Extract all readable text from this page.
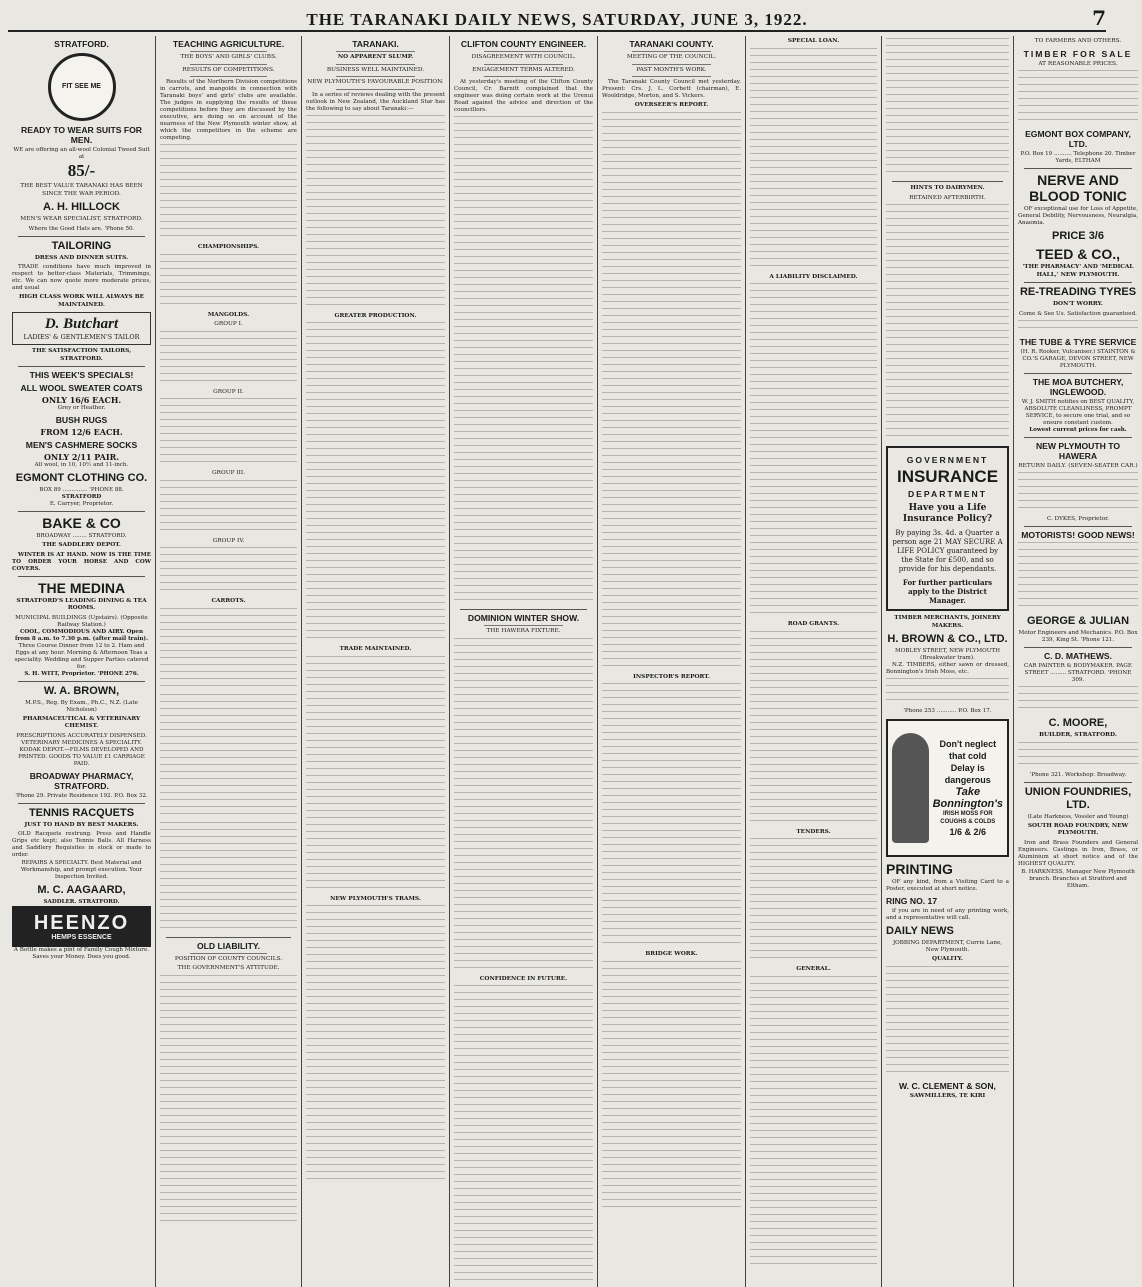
THE TARANAKI DAILY NEWS, SATURDAY, JUNE 3, 1922.	7
STRATFORD.
FIT SEE ME
READY TO WEAR SUITS FOR MEN.
WE are offering an all-wool Colonial Tweed Suit at
85/-
THE BEST VALUE TARANAKI HAS BEEN SINCE THE WAR PERIOD.
A. H. HILLOCK
MEN'S WEAR SPECIALIST, STRATFORD.
Where the Good Hats are. 'Phone 50.
TAILORING
DRESS AND DINNER SUITS.
TRADE conditions have much improved in respect to better-class Materials, Trimmings, etc. We can now quote more moderate prices, and usual
HIGH CLASS WORK WILL ALWAYS BE MAINTAINED.
D. Butchart
LADIES' & GENTLEMEN'S TAILOR
THE SATISFACTION TAILORS, STRATFORD.
THIS WEEK'S SPECIALS!
ALL WOOL SWEATER COATS
ONLY 16/6 EACH.
Grey or Heather.
BUSH RUGS
FROM 12/6 EACH.
MEN'S CASHMERE SOCKS
ONLY 2/11 PAIR.
All wool, in 10, 10½ and 11-inch.
EGMONT CLOTHING CO.
BOX 89 .............. 'PHONE 88.
STRATFORD
E. Carryer, Proprietor.
BAKE & CO
BROADWAY ........ STRATFORD.
THE SADDLERY DEPOT.
WINTER IS AT HAND. NOW IS THE TIME TO ORDER YOUR HORSE AND COW COVERS.
THE MEDINA
STRATFORD'S LEADING DINING & TEA ROOMS.
MUNICIPAL BUILDINGS (Upstairs). (Opposite Railway Station.)
COOL, COMMODIOUS AND AIRY. Open from 8 a.m. to 7.30 p.m. (after mail train).
Three Course Dinner from 12 to 2. Ham and Eggs at any hour. Morning & Afternoon Teas a speciality. Wedding and Supper Parties catered for.
S. H. WITT, Proprietor. 'PHONE 276.
W. A. BROWN,
M.P.S., Reg. By Exam., Ph.C., N.Z. (Late Nicholson)
PHARMACEUTICAL & VETERINARY CHEMIST.
PRESCRIPTIONS ACCURATELY DISPENSED. VETERINARY MEDICINES A SPECIALITY. KODAK DEPOT.—FILMS DEVELOPED AND PRINTED. GOODS TO VALUE £1 CARRIAGE PAID.
BROADWAY PHARMACY, STRATFORD.
'Phone 29. Private Residence 192. P.O. Box 32.
TENNIS RACQUETS
JUST TO HAND BY BEST MAKERS.
OLD Racquets restrung. Press and Handle Grips etc kept; also Tennis Balls. All Harness and Saddlery Requisites in stock or made to order.
REPAIRS A SPECIALTY. Best Material and Workmanship, and prompt execution. Your Inspection Invited.
M. C. AAGAARD,
SADDLER. STRATFORD.
HEENZO
HEMPS ESSENCE
A Bottle makes a pint of Family Cough Mixture. Saves your Money. Does you good.
TEACHING AGRICULTURE.
THE BOYS' AND GIRLS' CLUBS.
RESULTS OF COMPETITIONS.
Results of the Northern Division competitions in carrots, and mangolds in connection with Taranaki boys' and girls' clubs are available. The judges in supplying the results of these competitions before they are discussed by the executive, are doing so on account of the nearness of the New Plymouth winter show, at which the competitors in the scheme are competing.
CHAMPIONSHIPS.
MANGOLDS.
GROUP I.
GROUP II.
GROUP III.
GROUP IV.
CARROTS.
OLD LIABILITY.
POSITION OF COUNTY COUNCILS.
THE GOVERNMENT'S ATTITUDE.
TARANAKI.
NO APPARENT SLUMP.
BUSINESS WELL MAINTAINED.
NEW PLYMOUTH'S FAVOURABLE POSITION.
In a series of reviews dealing with the present outlook in New Zealand, the Auckland Star has the following to say about Taranaki:—
GREATER PRODUCTION.
TRADE MAINTAINED.
NEW PLYMOUTH'S TRAMS.
CLIFTON COUNTY ENGINEER.
DISAGREEMENT WITH COUNCIL.
ENGAGEMENT TERMS ALTERED.
At yesterday's meeting of the Clifton County Council, Cr. Barnitt complained that the engineer was doing certain work at the Urenui Road against the advice and direction of the councillors.
DOMINION WINTER SHOW.
THE HAWERA FIXTURE.
CONFIDENCE IN FUTURE.
TARANAKI COUNTY.
MEETING OF THE COUNCIL.
PAST MONTH'S WORK.
The Taranaki County Council met yesterday. Present: Crs. J. L. Corbett (chairman), E. Wooldridge, Morton, and S. Vickers.
OVERSEER'S REPORT.
INSPECTOR'S REPORT.
BRIDGE WORK.
SPECIAL LOAN.
A LIABILITY DISCLAIMED.
ROAD GRANTS.
TENDERS.
GENERAL.
HINTS TO DAIRYMEN.
RETAINED AFTERBIRTH.
GOVERNMENT
INSURANCE
DEPARTMENT
Have you a Life Insurance Policy?
By paying 3s. 4d. a Quarter a person age 21 MAY SECURE A LIFE POLICY guaranteed by the State for £500, and so provide for his dependants.
For further particulars apply to the District Manager.
TIMBER MERCHANTS, JOINERY MAKERS.
H. BROWN & CO., LTD.
MOBLEY STREET, NEW PLYMOUTH (Breakwater tram).
N.Z. TIMBERS, either sawn or dressed, Bonnington's Irish Moss, etc.
'Phone 253 ........... P.O. Box 17.
Don't neglect that cold
Delay is dangerous
Take Bonnington's
IRISH MOSS FOR COUGHS & COLDS
1/6 & 2/6
PRINTING
OF any kind, from a Visiting Card to a Poster, executed at short notice.
RING NO. 17
if you are in need of any printing work, and a representative will call.
DAILY NEWS
JOBBING DEPARTMENT, Currie Lane, New Plymouth.
QUALITY.
W. C. CLEMENT & SON,
SAWMILLERS, TE KIRI
TO FARMERS AND OTHERS.
TIMBER FOR SALE
AT REASONABLE PRICES.
EGMONT BOX COMPANY, LTD.
P.O. Box 19 .......... Telephone 20. Timber Yards, ELTHAM
NERVE AND BLOOD TONIC
OF exceptional use for Loss of Appetite, General Debility, Nervousness, Neuralgia, Anaemia.
PRICE 3/6
TEED & CO.,
'THE PHARMACY' AND 'MEDICAL HALL,' NEW PLYMOUTH.
RE-TREADING TYRES
DON'T WORRY.
Come & See Us. Satisfaction guaranteed.
THE TUBE & TYRE SERVICE
(H. R. Rooker, Vulcaniser.) STAINTON & CO.'S GARAGE, DEVON STREET, NEW PLYMOUTH.
THE MOA BUTCHERY, INGLEWOOD.
W. J. SMITH notifies on BEST QUALITY, ABSOLUTE CLEANLINESS, PROMPT SERVICE, to secure one trial, and so ensure constant custom.
Lowest current prices for cash.
NEW PLYMOUTH TO HAWERA
RETURN DAILY. (SEVEN-SEATER CAR.)
C. DYKES, Proprietor.
MOTORISTS! GOOD NEWS!
GEORGE & JULIAN
Motor Engineers and Mechanics. P.O. Box 239, King St. 'Phone 121.
C. D. MATHEWS.
CAR PAINTER & BODYMAKER. PAGE STREET ......... STRATFORD. 'PHONE 309.
C. MOORE,
BUILDER, STRATFORD.
'Phone 321. Workshop: Broadway.
UNION FOUNDRIES, LTD.
(Late Harkness, Vossler and Young)
SOUTH ROAD FOUNDRY, NEW PLYMOUTH.
Iron and Brass Founders and General Engineers. Castings in Iron, Brass, or Aluminium at short notice and of the HIGHEST QUALITY.
B. HARKNESS, Manager New Plymouth branch. Branches at Stratford and Eltham.
